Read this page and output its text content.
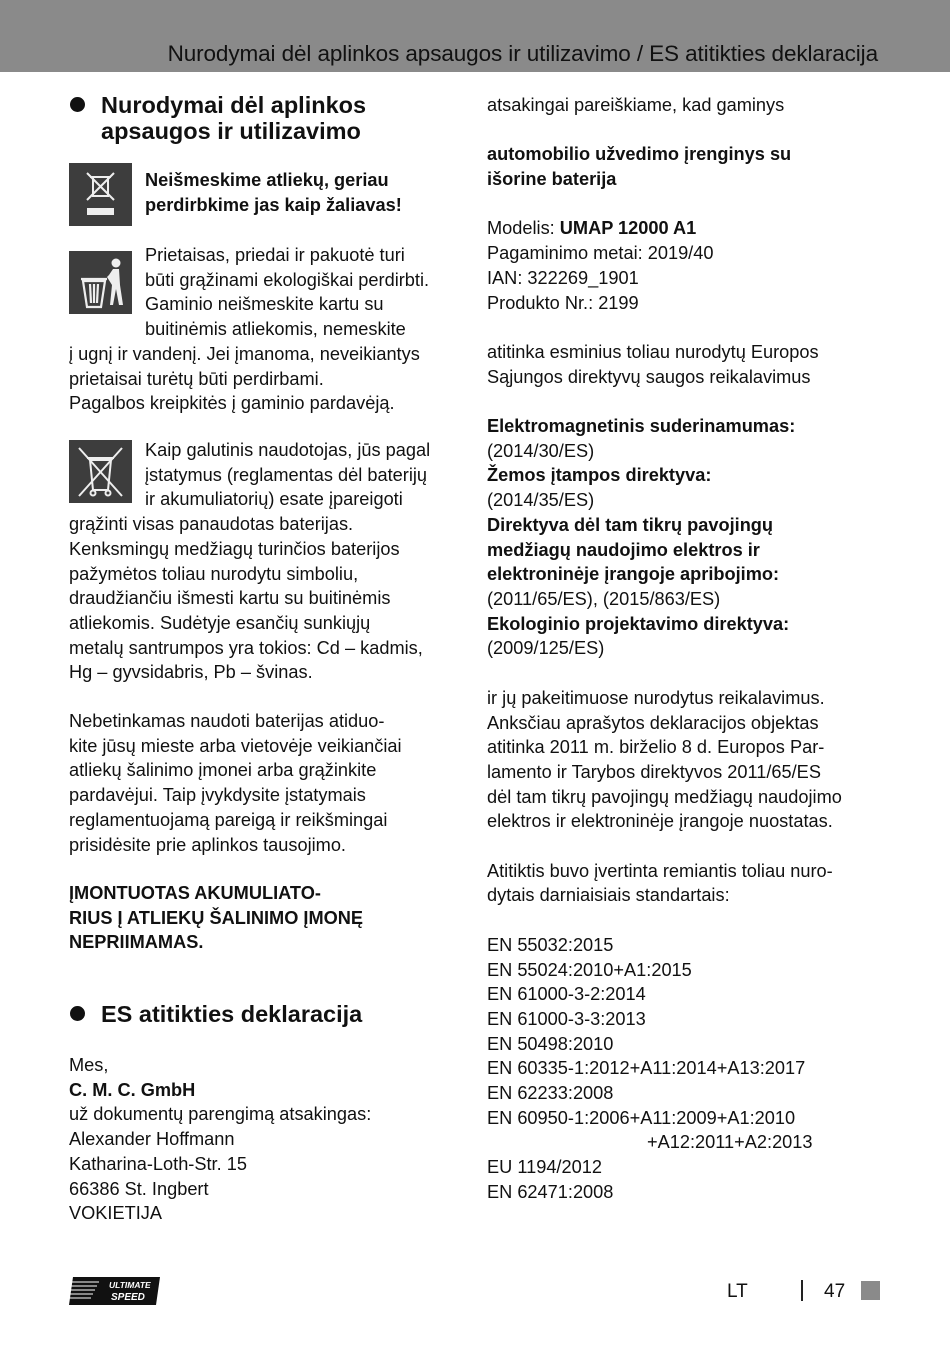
Nurodymai dėl aplinkos apsaugos ir utilizavimo / ES atitikties deklaracija
Nurodymai dėl aplinkos
apsaugos ir utilizavimo

Neišmeskime atliekų, geriau
perdirbkime jas kaip žaliavas!

Prietaisas, priedai ir pakuotė turi
būti grąžinami ekologiškai perdirbti.
Gaminio neišmeskite kartu su
buitinėmis atliekomis, nemeskite
į ugnį ir vandenį. Jei įmanoma, neveikiantys
prietaisai turėtų būti perdirbami.
Pagalbos kreipkitės į gaminio pardavėją.
Kaip galutinis naudotojas, jūs pagal
įstatymus (reglamentas dėl baterijų
ir akumuliatorių) esate įpareigoti
grąžinti visas panaudotas baterijas.
Kenksmingų medžiagų turinčios baterijos
pažymėtos toliau nurodytu simboliu,
draudžiančiu išmesti kartu su buitinėmis
atliekomis. Sudėtyje esančių sunkiųjų
metalų santrumpos yra tokios: Cd – kadmis,
Hg – gyvsidabris, Pb – švinas.
Nebetinkamas naudoti baterijas atiduo-
kite jūsų mieste arba vietovėje veikiančiai
atliekų šalinimo įmonei arba grąžinkite
pardavėjui. Taip įvykdysite įstatymais
reglamentuojamą pareigą ir reikšmingai
prisidėsite prie aplinkos tausojimo.
ĮMONTUOTAS AKUMULIATO-
RIUS Į ATLIEKŲ ŠALINIMO ĮMONĘ
NEPRIIMAMAS.
ES atitikties deklaracija
Mes,
C. M. C. GmbH
už dokumentų parengimą atsakingas:
Alexander Hoffmann
Katharina-Loth-Str. 15
66386 St. Ingbert
VOKIETIJA
atsakingai pareiškiame, kad gaminys
automobilio užvedimo įrenginys su
išorine baterija
Modelis: UMAP 12000 A1
Pagaminimo metai: 2019/40
IAN: 322269_1901
Produkto Nr.: 2199
atitinka esminius toliau nurodytų Europos
Sąjungos direktyvų saugos reikalavimus
Elektromagnetinis suderinamumas:
(2014/30/ES)
Žemos įtampos direktyva:
(2014/35/ES)
Direktyva dėl tam tikrų pavojingų
medžiagų naudojimo elektros ir
elektroninėje įrangoje apribojimo:
(2011/65/ES), (2015/863/ES)
Ekologinio projektavimo direktyva:
(2009/125/ES)
ir jų pakeitimuose nurodytus reikalavimus.
Anksčiau aprašytos deklaracijos objektas
atitinka 2011 m. birželio 8 d. Europos Par-
lamento ir Tarybos direktyvos 2011/65/ES
dėl tam tikrų pavojingų medžiagų naudojimo
elektros ir elektroninėje įrangoje nuostatas.
Atitiktis buvo įvertinta remiantis toliau nuro-
dytais darniaisiais standartais:
EN 55032:2015
EN 55024:2010+A1:2015
EN 61000-3-2:2014
EN 61000-3-3:2013
EN 50498:2010
EN 60335-1:2012+A11:2014+A13:2017
EN 62233:2008
EN 60950-1:2006+A11:2009+A1:2010
+A12:2011+A2:2013
EU 1194/2012
EN 62471:2008
ULTIMATE
SPEED	LT	47
